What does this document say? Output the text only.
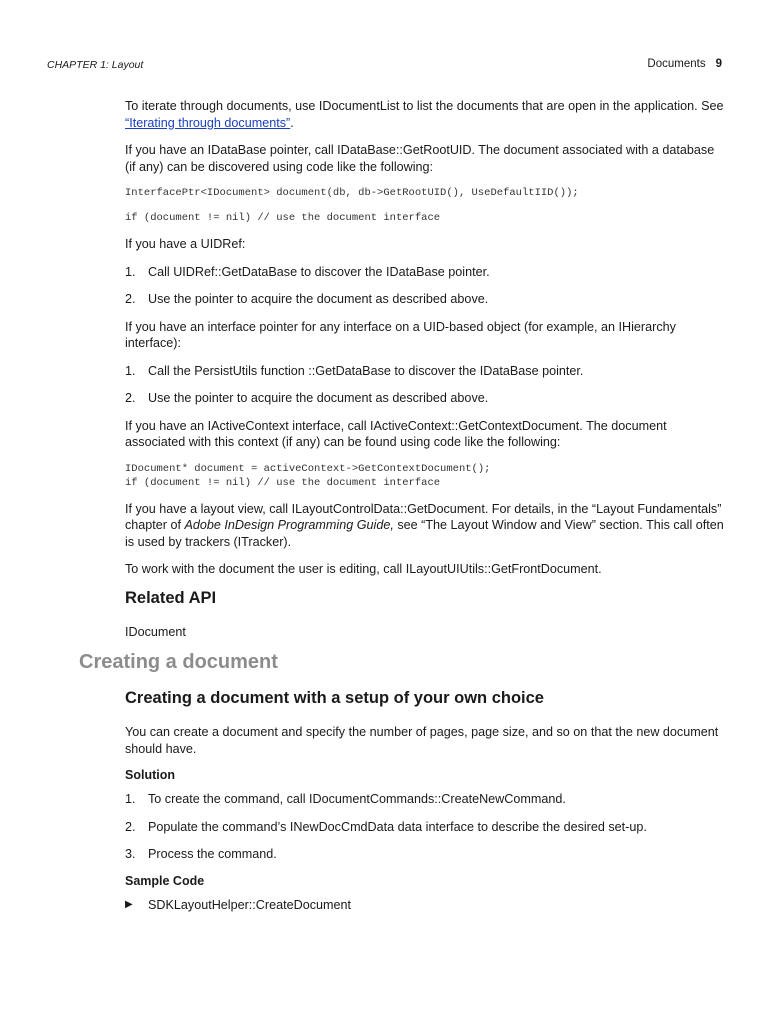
CHAPTER 1: Layout	Documents 9

To iterate through documents, use IDocumentList to list the documents that are open in the application. See “Iterating through documents”.

If you have an IDataBase pointer, call IDataBase::GetRootUID. The document associated with a database (if any) can be discovered using code like the following:

InterfacePtr<IDocument> document(db, db->GetRootUID(), UseDefaultIID());
if (document != nil) // use the document interface

If you have a UIDRef:

1. Call UIDRef::GetDataBase to discover the IDataBase pointer.
2. Use the pointer to acquire the document as described above.

If you have an interface pointer for any interface on a UID-based object (for example, an IHierarchy interface):

1. Call the PersistUtils function ::GetDataBase to discover the IDataBase pointer.
2. Use the pointer to acquire the document as described above.

If you have an IActiveContext interface, call IActiveContext::GetContextDocument. The document associated with this context (if any) can be found using code like the following:

IDocument* document = activeContext->GetContextDocument();
if (document != nil) // use the document interface

If you have a layout view, call ILayoutControlData::GetDocument. For details, in the “Layout Fundamentals” chapter of Adobe InDesign Programming Guide, see “The Layout Window and View” section. This call often is used by trackers (ITracker).

To work with the document the user is editing, call ILayoutUIUtils::GetFrontDocument.

Related API

IDocument

Creating a document
Creating a document with a setup of your own choice

You can create a document and specify the number of pages, page size, and so on that the new document should have.

Solution
1. To create the command, call IDocumentCommands::CreateNewCommand.
2. Populate the command’s INewDocCmdData data interface to describe the desired set-up.
3. Process the command.
Sample Code
▶	SDKLayoutHelper::CreateDocument
